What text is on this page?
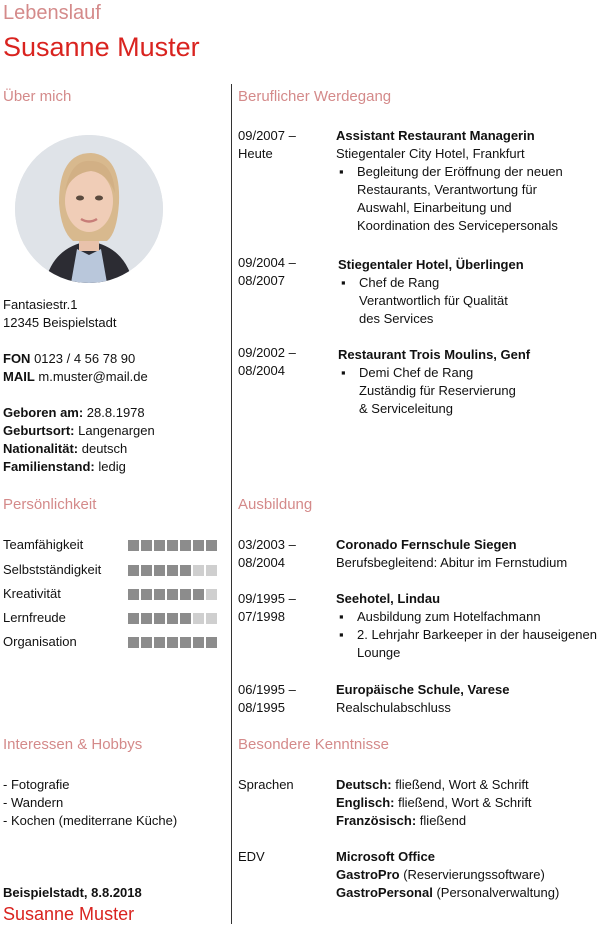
Lebenslauf
Susanne Muster
Über mich
Fantasiestr.1
12345 Beispielstadt
FON 0123 / 4 56 78 90
MAIL m.muster@mail.de
Geboren am: 28.8.1978
Geburtsort: Langenargen
Nationalität: deutsch
Familienstand: ledig
Persönlichkeit
Teamfähigkeit
Selbstständigkeit
Kreativität
Lernfreude
Organisation
Interessen & Hobbys
- Fotografie
- Wandern
- Kochen (mediterrane Küche)
Beispielstadt, 8.8.2018
Susanne Muster
Beruflicher Werdegang
09/2007 –
Heute
Assistant Restaurant Managerin
Stiegentaler City Hotel, Frankfurt
▪ Begleitung der Eröffnung der neuen
Restaurants, Verantwortung für
Auswahl, Einarbeitung und
Koordination des Servicepersonals
09/2004 –
08/2007
Stiegentaler Hotel, Überlingen
▪ Chef de Rang
Verantwortlich für Qualität
des Services
09/2002 –
08/2004
Restaurant Trois Moulins, Genf
▪ Demi Chef de Rang
Zuständig für Reservierung
& Serviceleitung
Ausbildung
03/2003 –
08/2004
Coronado Fernschule Siegen
Berufsbegleitend: Abitur im Fernstudium
09/1995 –
07/1998
Seehotel, Lindau
▪ Ausbildung zum Hotelfachmann
▪ 2. Lehrjahr Barkeeper in der hauseigenen
Lounge
06/1995 –
08/1995
Europäische Schule, Varese
Realschulabschluss
Besondere Kenntnisse
Sprachen	Deutsch: fließend, Wort & Schrift
Englisch: fließend, Wort & Schrift
Französisch: fließend
EDV	Microsoft Office
GastroPro (Reservierungssoftware)
GastroPersonal (Personalverwaltung)
